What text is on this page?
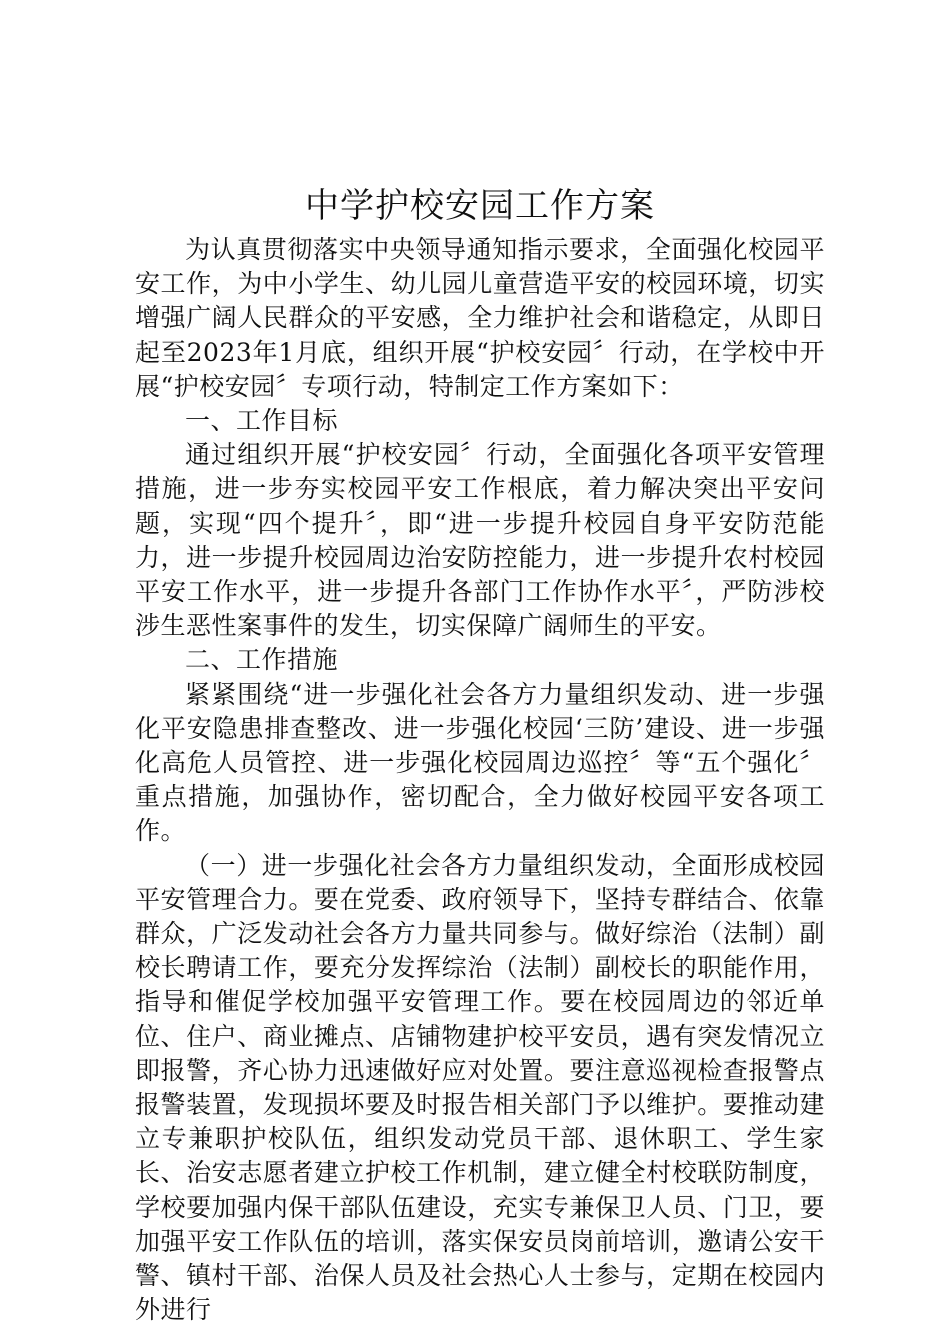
中学护校安园工作方案

为认真贯彻落实中央领导通知指示要求，全面强化校园平安工作，为中小学生、幼儿园儿童营造平安的校园环境，切实增强广阔人民群众的平安感，全力维护社会和谐稳定，从即日起至2023年1月底，组织开展“护校安园〞行动，在学校中开展“护校安园〞专项行动，特制定工作方案如下：

一、工作目标

通过组织开展“护校安园〞行动，全面强化各项平安管理措施，进一步夯实校园平安工作根底，着力解决突出平安问题，实现“四个提升〞，即“进一步提升校园自身平安防范能力，进一步提升校园周边治安防控能力，进一步提升农村校园平安工作水平，进一步提升各部门工作协作水平〞，严防涉校涉生恶性案事件的发生，切实保障广阔师生的平安。

二、工作措施

紧紧围绕“进一步强化社会各方力量组织发动、进一步强化平安隐患排查整改、进一步强化校园‘三防’建设、进一步强化高危人员管控、进一步强化校园周边巡控〞等“五个强化〞重点措施，加强协作，密切配合，全力做好校园平安各项工作。

（一）进一步强化社会各方力量组织发动，全面形成校园平安管理合力。要在党委、政府领导下，坚持专群结合、依靠群众，广泛发动社会各方力量共同参与。做好综治（法制）副校长聘请工作，要充分发挥综治（法制）副校长的职能作用，指导和催促学校加强平安管理工作。要在校园周边的邻近单位、住户、商业摊点、店铺物建护校平安员，遇有突发情况立即报警，齐心协力迅速做好应对处置。要注意巡视检查报警点报警装置，发现损坏要及时报告相关部门予以维护。要推动建立专兼职护校队伍，组织发动党员干部、退休职工、学生家长、治安志愿者建立护校工作机制，建立健全村校联防制度，学校要加强内保干部队伍建设，充实专兼保卫人员、门卫，要加强平安工作队伍的培训，落实保安员岗前培训，邀请公安干警、镇村干部、治保人员及社会热心人士参与，定期在校园内外进行
